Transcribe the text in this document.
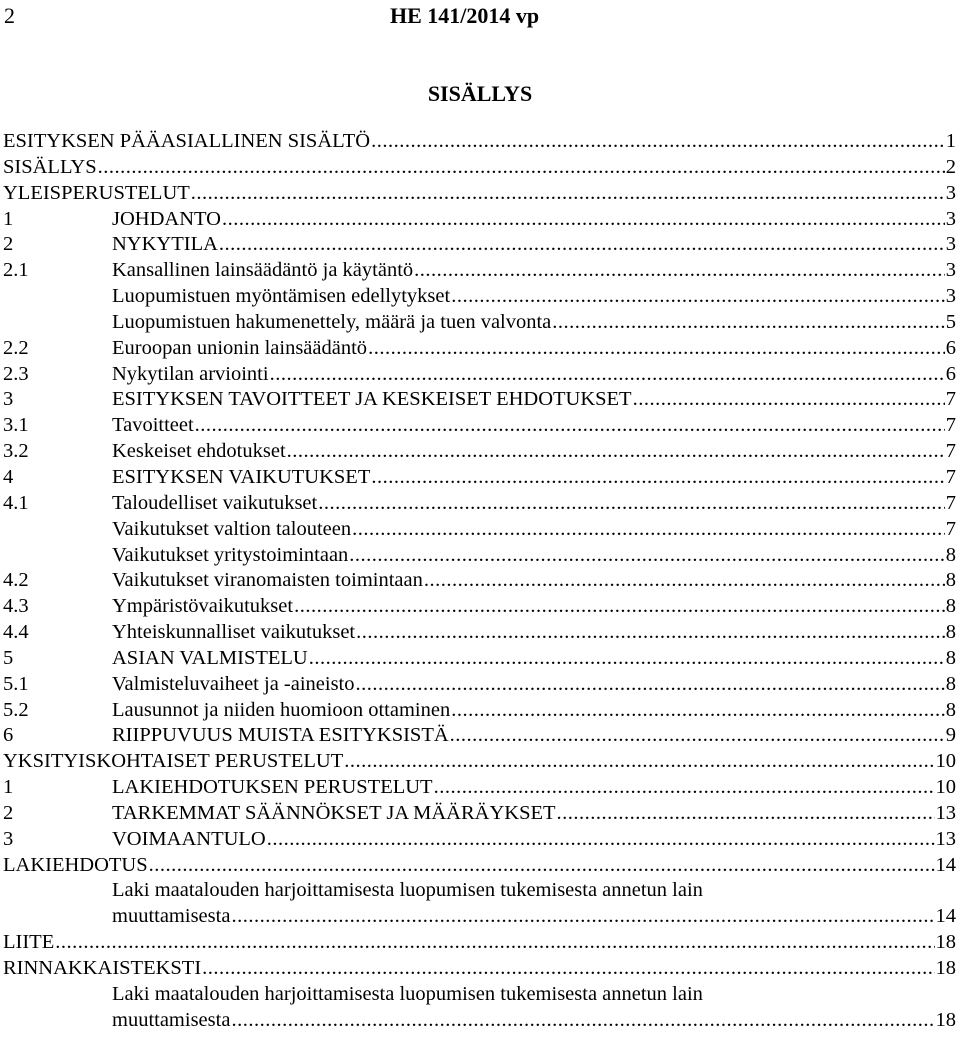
2	HE 141/2014 vp
SISÄLLYS
ESITYKSEN PÄÄASIALLINEN SISÄLTÖ .....	1
SISÄLLYS .....	2
YLEISPERUSTELUT .....	3
1	JOHDANTO .....	3
2	NYKYTILA .....	3
2.1	Kansallinen lainsäädäntö ja käytäntö .....	3
Luopumistuen myöntämisen edellytykset .....	3
Luopumistuen hakumenettely, määrä ja tuen valvonta .....	5
2.2	Euroopan unionin lainsäädäntö .....	6
2.3	Nykytilan arviointi .....	6
3	ESITYKSEN TAVOITTEET JA KESKEISET EHDOTUKSET .....	7
3.1	Tavoitteet .....	7
3.2	Keskeiset ehdotukset .....	7
4	ESITYKSEN VAIKUTUKSET .....	7
4.1	Taloudelliset vaikutukset .....	7
Vaikutukset valtion talouteen .....	7
Vaikutukset yritystoimintaan .....	8
4.2	Vaikutukset viranomaisten toimintaan .....	8
4.3	Ympäristövaikutukset .....	8
4.4	Yhteiskunnalliset vaikutukset .....	8
5	ASIAN VALMISTELU .....	8
5.1	Valmisteluvaiheet ja -aineisto .....	8
5.2	Lausunnot ja niiden huomioon ottaminen .....	8
6	RIIPPUVUUS MUISTA ESITYKSISTÄ .....	9
YKSITYISKOHTAISET PERUSTELUT .....	10
1	LAKIEHDOTUKSEN PERUSTELUT .....	10
2	TARKEMMAT SÄÄNNÖKSET JA MÄÄRÄYKSET .....	13
3	VOIMAANTULO .....	13
LAKIEHDOTUS .....	14
Laki maatalouden harjoittamisesta luopumisen tukemisesta annetun lain
muuttamisesta .....	14
LIITE .....	18
RINNAKKAISTEKSTI .....	18
Laki maatalouden harjoittamisesta luopumisen tukemisesta annetun lain
muuttamisesta .....	18
